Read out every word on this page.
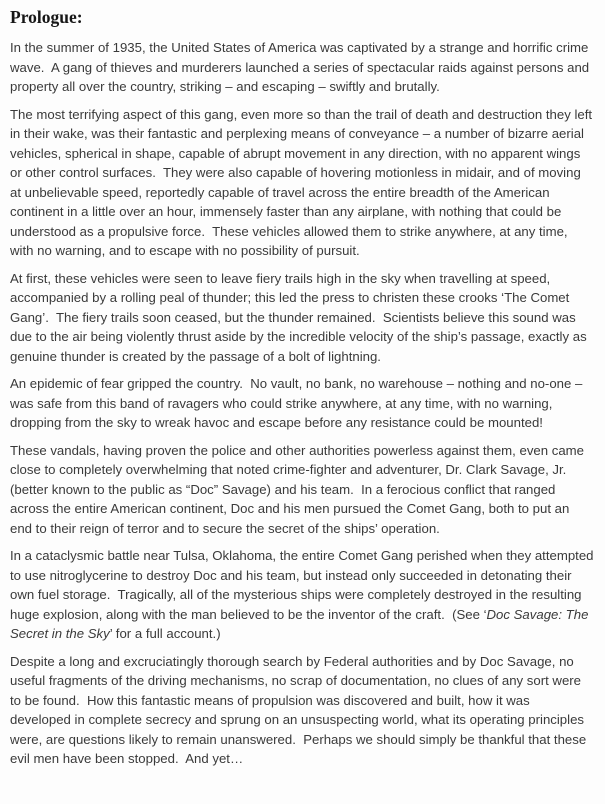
Prologue:

In the summer of 1935, the United States of America was captivated by a strange and horrific crime wave.  A gang of thieves and murderers launched a series of spectacular raids against persons and property all over the country, striking – and escaping – swiftly and brutally.

The most terrifying aspect of this gang, even more so than the trail of death and destruction they left in their wake, was their fantastic and perplexing means of conveyance – a number of bizarre aerial vehicles, spherical in shape, capable of abrupt movement in any direction, with no apparent wings or other control surfaces.  They were also capable of hovering motionless in midair, and of moving at unbelievable speed, reportedly capable of travel across the entire breadth of the American continent in a little over an hour, immensely faster than any airplane, with nothing that could be understood as a propulsive force.  These vehicles allowed them to strike anywhere, at any time, with no warning, and to escape with no possibility of pursuit.

At first, these vehicles were seen to leave fiery trails high in the sky when travelling at speed, accompanied by a rolling peal of thunder; this led the press to christen these crooks ‘The Comet Gang’.  The fiery trails soon ceased, but the thunder remained.  Scientists believe this sound was due to the air being violently thrust aside by the incredible velocity of the ship’s passage, exactly as genuine thunder is created by the passage of a bolt of lightning.

An epidemic of fear gripped the country.  No vault, no bank, no warehouse – nothing and no-one – was safe from this band of ravagers who could strike anywhere, at any time, with no warning, dropping from the sky to wreak havoc and escape before any resistance could be mounted!

These vandals, having proven the police and other authorities powerless against them, even came close to completely overwhelming that noted crime-fighter and adventurer, Dr. Clark Savage, Jr. (better known to the public as “Doc” Savage) and his team.  In a ferocious conflict that ranged across the entire American continent, Doc and his men pursued the Comet Gang, both to put an end to their reign of terror and to secure the secret of the ships’ operation.

In a cataclysmic battle near Tulsa, Oklahoma, the entire Comet Gang perished when they attempted to use nitroglycerine to destroy Doc and his team, but instead only succeeded in detonating their own fuel storage.  Tragically, all of the mysterious ships were completely destroyed in the resulting huge explosion, along with the man believed to be the inventor of the craft.  (See ‘Doc Savage: The Secret in the Sky’ for a full account.)

Despite a long and excruciatingly thorough search by Federal authorities and by Doc Savage, no useful fragments of the driving mechanisms, no scrap of documentation, no clues of any sort were to be found.  How this fantastic means of propulsion was discovered and built, how it was developed in complete secrecy and sprung on an unsuspecting world, what its operating principles were, are questions likely to remain unanswered.  Perhaps we should simply be thankful that these evil men have been stopped.  And yet…
